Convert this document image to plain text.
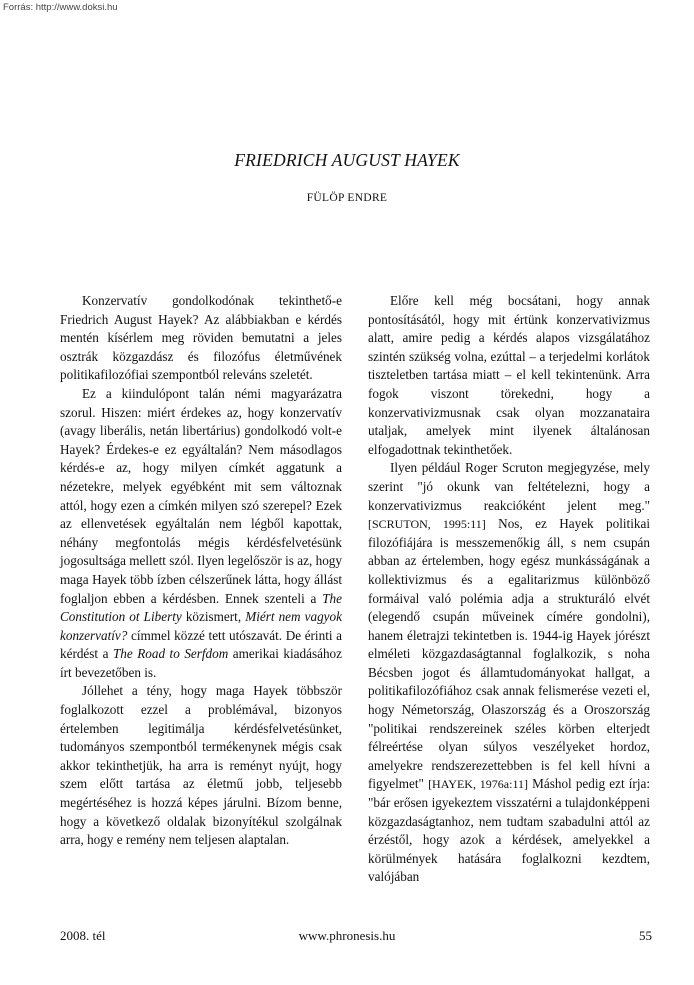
Forrás: http://www.doksi.hu
FRIEDRICH AUGUST HAYEK
FÜLÖP ENDRE

Konzervatív gondolkodónak tekinthető-e Friedrich August Hayek? Az alábbiakban e kérdés mentén kísérlem meg röviden bemutatni a jeles osztrák közgazdász és filozófus életművének politikafilozófiai szempontból releváns szeletét.

Ez a kiindulópont talán némi magyarázatra szorul. Hiszen: miért érdekes az, hogy konzervatív (avagy liberális, netán libertárius) gondolkodó volt-e Hayek? Érdekes-e ez egyáltalán? Nem másodlagos kérdés-e az, hogy milyen címkét aggatunk a nézetekre, melyek egyébként mit sem változnak attól, hogy ezen a címkén milyen szó szerepel? Ezek az ellenvetések egyáltalán nem légből kapottak, néhány megfontolás mégis kérdésfelvetésünk jogosultsága mellett szól. Ilyen legelőször is az, hogy maga Hayek több ízben célszerűnek látta, hogy állást foglaljon ebben a kérdésben. Ennek szenteli a The Constitution ot Liberty közismert, Miért nem vagyok konzervatív? címmel közzé tett utószavát. De érinti a kérdést a The Road to Serfdom amerikai kiadásához írt bevezetőben is.

Jóllehet a tény, hogy maga Hayek többször foglalkozott ezzel a problémával, bizonyos értelemben legitimálja kérdésfelvetésünket, tudományos szempontból termékenynek mégis csak akkor tekinthetjük, ha arra is reményt nyújt, hogy szem előtt tartása az életmű jobb, teljesebb megértéséhez is hozzá képes járulni. Bízom benne, hogy a következő oldalak bizonyítékul szolgálnak arra, hogy e remény nem teljesen alaptalan.

Előre kell még bocsátani, hogy annak pontosításától, hogy mit értünk konzervativizmus alatt, amire pedig a kérdés alapos vizsgálatához szintén szükség volna, ezúttal – a terjedelmi korlátok tiszteletben tartása miatt – el kell tekintenünk. Arra fogok viszont törekedni, hogy a konzervativizmusnak csak olyan mozzanataira utaljak, amelyek mint ilyenek általánosan elfogadottnak tekinthetőek.

Ilyen például Roger Scruton megjegyzése, mely szerint "jó okunk van feltételezni, hogy a konzervativizmus reakcióként jelent meg." [SCRUTON, 1995:11] Nos, ez Hayek politikai filozófiájára is messzemenőkig áll, s nem csupán abban az értelemben, hogy egész munkásságának a kollektivizmus és a egalitarizmus különböző formáival való polémia adja a strukturáló elvét (elegendő csupán műveinek címére gondolni), hanem életrajzi tekintetben is. 1944-ig Hayek jórészt elméleti közgazdaságtannal foglalkozik, s noha Bécsben jogot és államtudományokat hallgat, a politikafilozófiához csak annak felismerése vezeti el, hogy Németország, Olaszország és a Oroszország "politikai rendszereinek széles körben elterjedt félreértése olyan súlyos veszélyeket hordoz, amelyekre rendszerezettebben is fel kell hívni a figyelmet" [HAYEK, 1976a:11] Máshol pedig ezt írja: "bár erősen igyekeztem visszatérni a tulajdonképpeni közgazdaságtanhoz, nem tudtam szabadulni attól az érzéstől, hogy azok a kérdések, amelyekkel a körülmények hatására foglalkozni kezdtem, valójában

2008. tél	www.phronesis.hu	55
